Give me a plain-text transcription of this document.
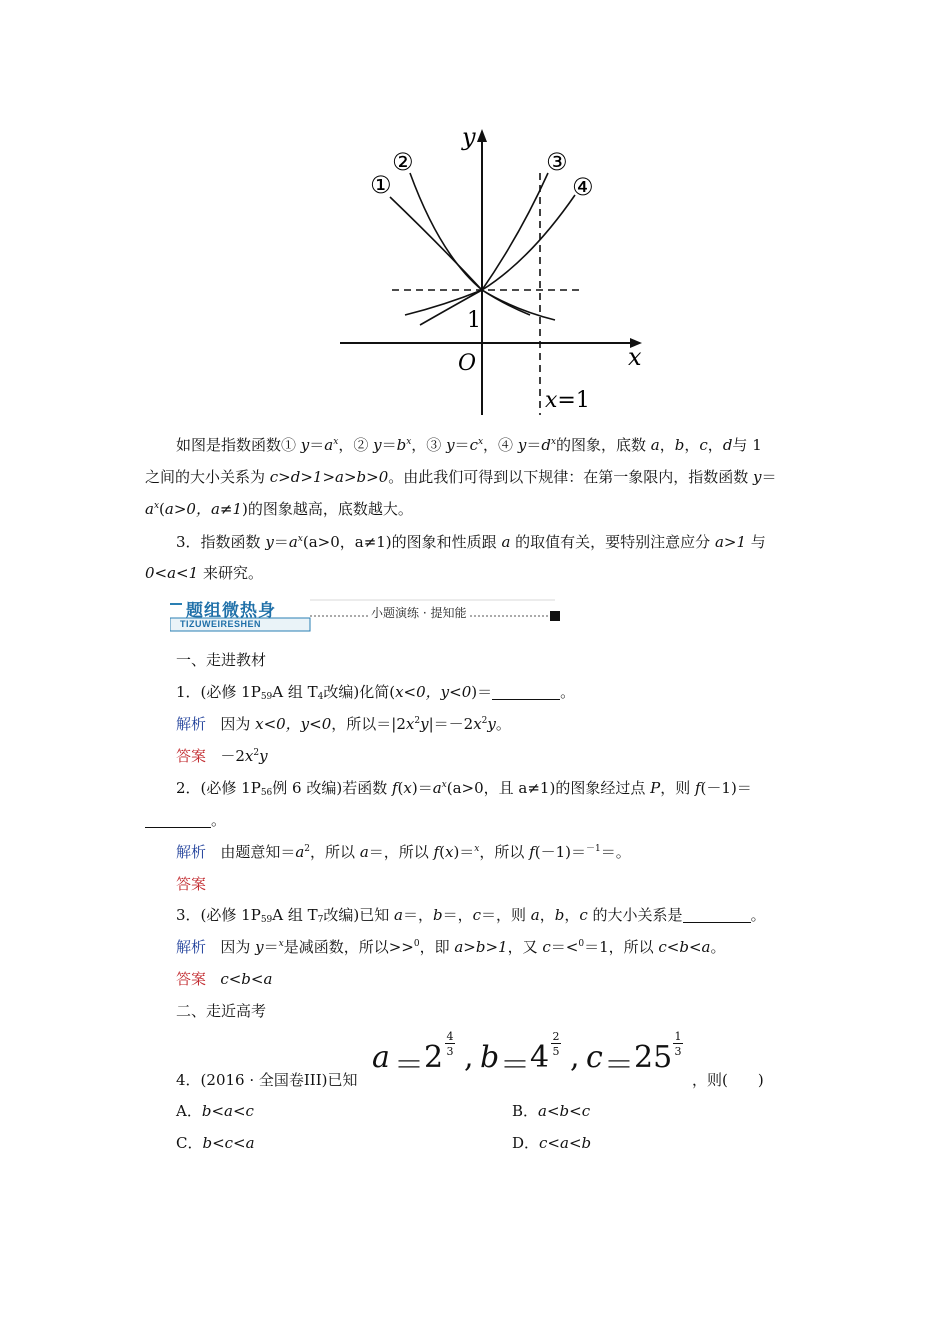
①
②	③
④
y
x
O
1
x=1
如图是指数函数① $y=a^x$，② $y=b^x$，③ $y=c^x$，④ $y=d^x$的图象，底数 a，b，c，d与 1
之间的大小关系为 c>d>1>a>b>0。由此我们可得到以下规律：在第一象限内，指数函数 y＝
$a^x(a>0$，a≠1)的图象越高，底数越大。
3．指数函数 $y=a^x(a>0$，a≠1)的图象和性质跟 a 的取值有关，要特别注意应分 a>1 与
0<a<1 来研究。
题组微热身
TIZUWEIRESHEN
小题演练 · 提知能
一、走进教材
1．(必修 $1P_{59}A$ 组 $T_4$改编)化简(x<0，y<0)＝	。
解析 因为 x<0，y<0，所以$=|2x^2y|=-2x^2y$。
答案 $-2x^2y$
2．(必修 $1P_{56}$例 6 改编)若函数 $f(x)=a^x(a>0$，且 a≠1)的图象经过点 P，则 f(－1)＝
。
解析 由题意知$=a^2$，所以 a＝，所以 f(x)＝$^x$，所以 f(－1)＝$^{-1}$＝。
答案
3．(必修 $1P_{59}A$ 组 $T_7$改编)已知 a＝，b＝，c＝，则 a，b，c 的大小关系是	。
解析 因为 y＝$^x$是减函数，所以>>$^0$，即 a>b>1，又 c＝<$^0$＝1，所以 c<b<a。
答案 c<b<a
二、走近高考
4．(2016 · 全国卷III)已知
a ＝ 2
4
3 , b ＝ 4
2
5 , c ＝ 25
1
3
，则(　　)
A．b<a<c	B．a<b<c
C．b<c<a	D．c<a<b
